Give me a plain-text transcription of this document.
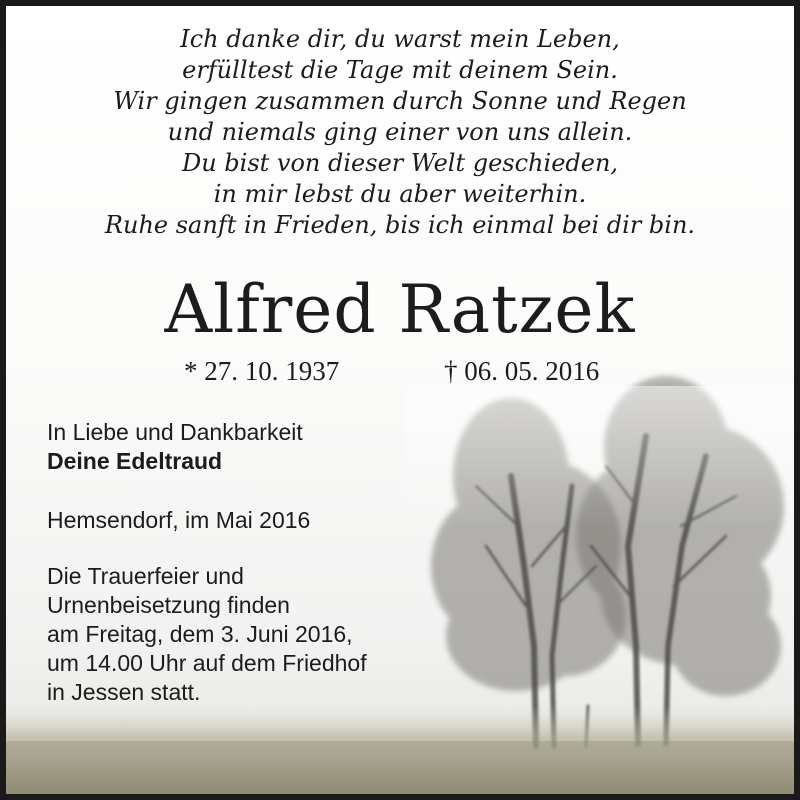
Ich danke dir, du warst mein Leben,
erfülltest die Tage mit deinem Sein.
Wir gingen zusammen durch Sonne und Regen
und niemals ging einer von uns allein.
Du bist von dieser Welt geschieden,
in mir lebst du aber weiterhin.
Ruhe sanft in Frieden, bis ich einmal bei dir bin.
Alfred Ratzek
* 27. 10. 1937	† 06. 05. 2016
In Liebe und Dankbarkeit
Deine Edeltraud
Hemsendorf, im Mai 2016
Die Trauerfeier und
Urnenbeisetzung finden
am Freitag, dem 3. Juni 2016,
um 14.00 Uhr auf dem Friedhof
in Jessen statt.
